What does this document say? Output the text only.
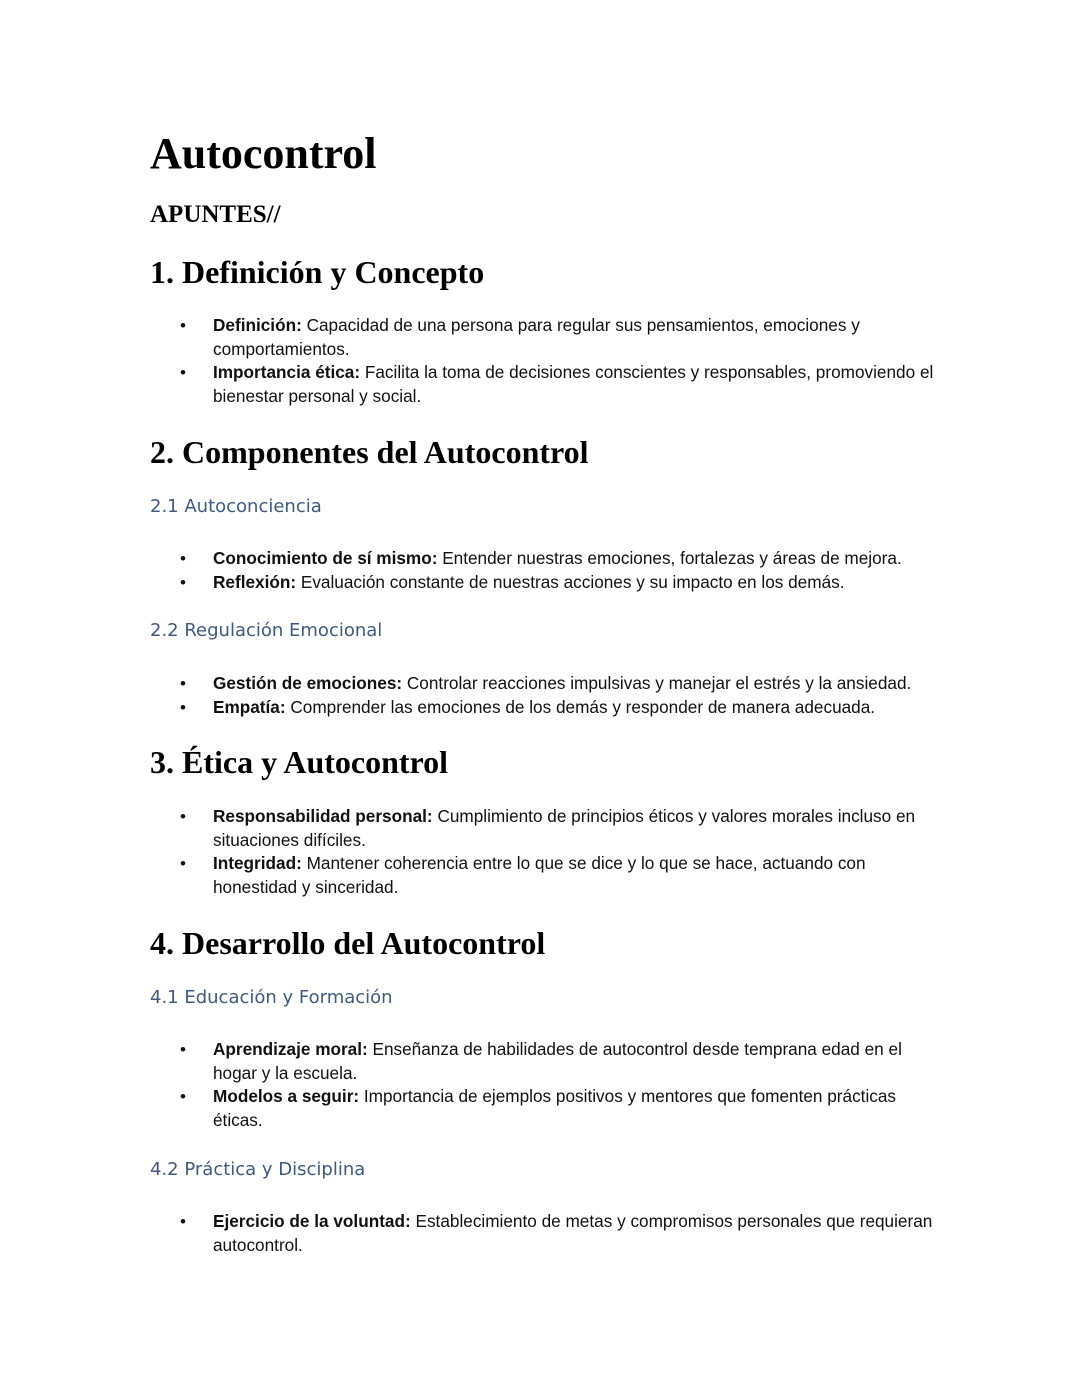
Autocontrol
APUNTES//
1. Definición y Concepto
• Definición: Capacidad de una persona para regular sus pensamientos, emociones y comportamientos.
• Importancia ética: Facilita la toma de decisiones conscientes y responsables, promoviendo el bienestar personal y social.
2. Componentes del Autocontrol
2.1 Autoconciencia
• Conocimiento de sí mismo: Entender nuestras emociones, fortalezas y áreas de mejora.
• Reflexión: Evaluación constante de nuestras acciones y su impacto en los demás.
2.2 Regulación Emocional
• Gestión de emociones: Controlar reacciones impulsivas y manejar el estrés y la ansiedad.
• Empatía: Comprender las emociones de los demás y responder de manera adecuada.
3. Ética y Autocontrol
• Responsabilidad personal: Cumplimiento de principios éticos y valores morales incluso en situaciones difíciles.
• Integridad: Mantener coherencia entre lo que se dice y lo que se hace, actuando con honestidad y sinceridad.
4. Desarrollo del Autocontrol
4.1 Educación y Formación
• Aprendizaje moral: Enseñanza de habilidades de autocontrol desde temprana edad en el hogar y la escuela.
• Modelos a seguir: Importancia de ejemplos positivos y mentores que fomenten prácticas éticas.
4.2 Práctica y Disciplina
• Ejercicio de la voluntad: Establecimiento de metas y compromisos personales que requieran autocontrol.
